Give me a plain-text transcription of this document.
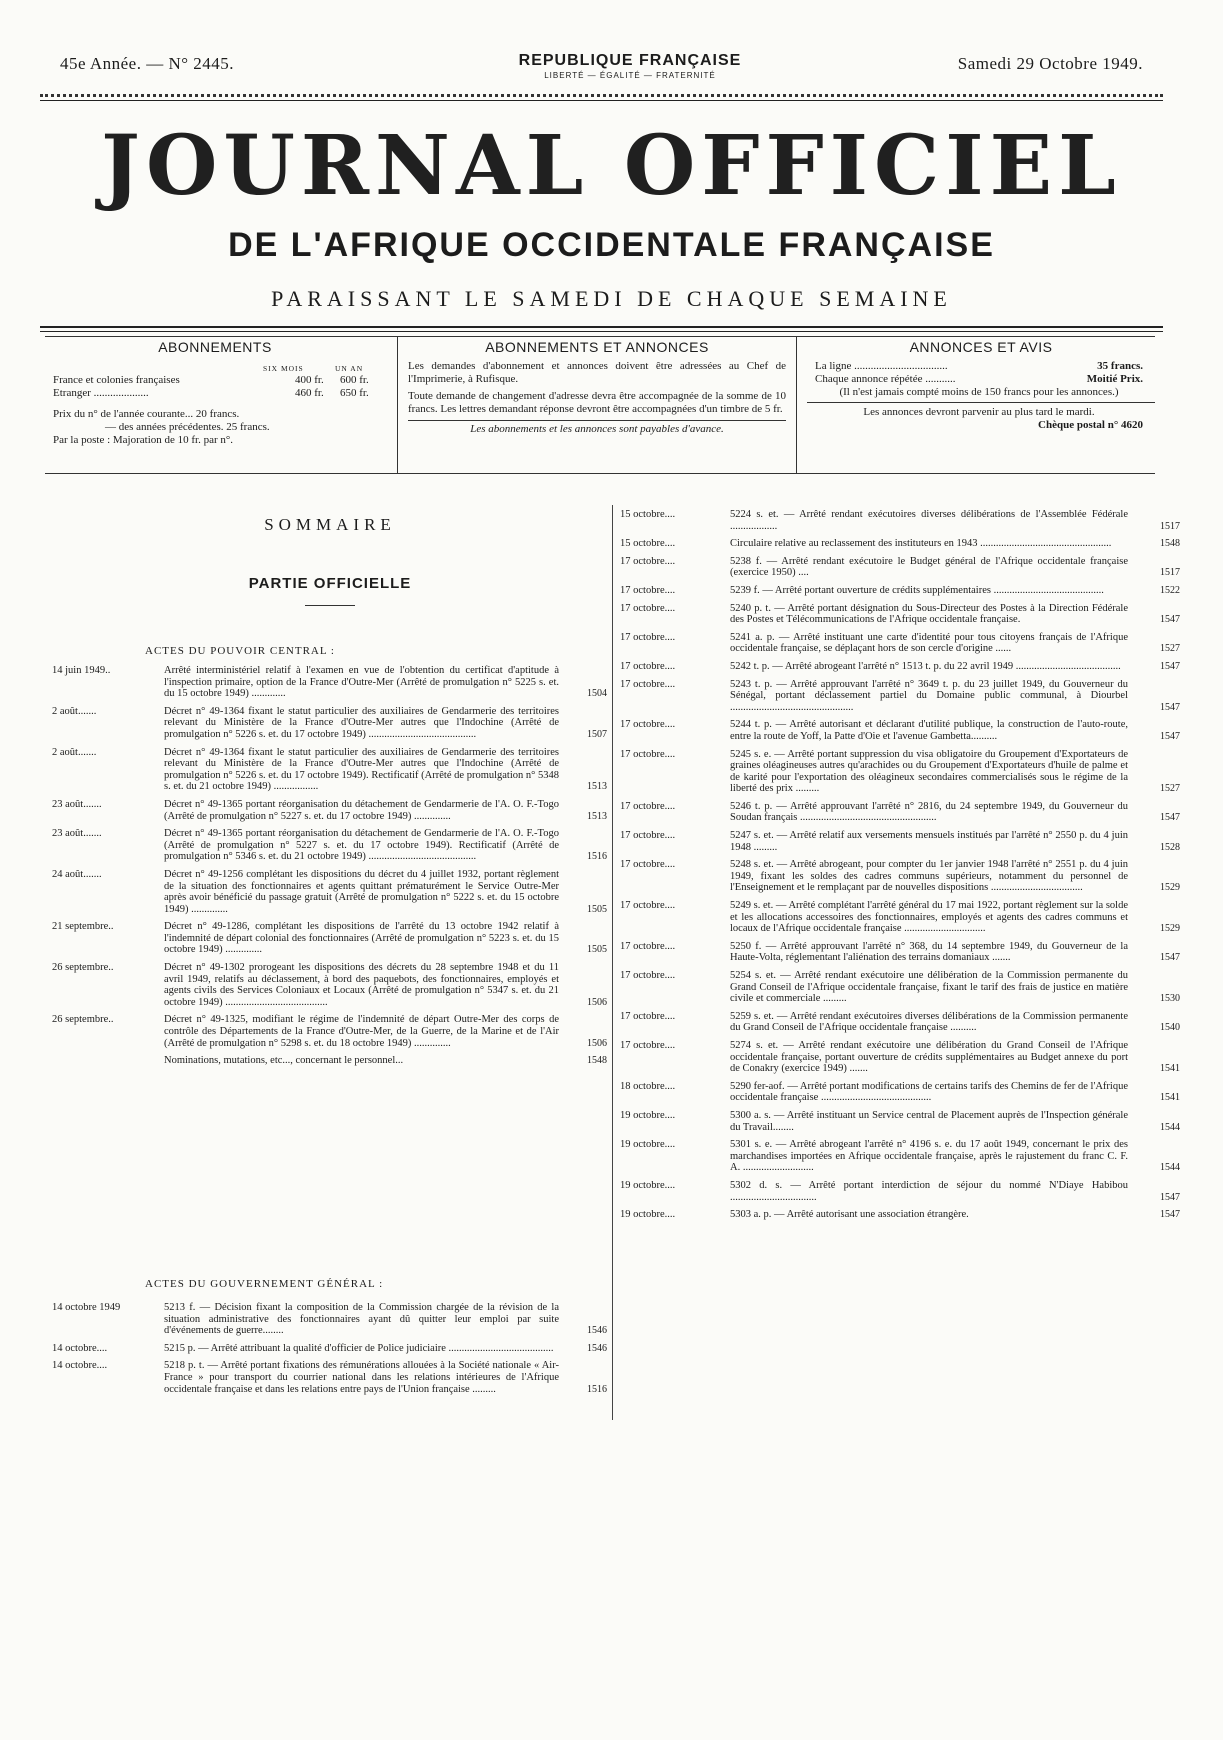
45e Année. — N° 2445.	REPUBLIQUE FRANÇAISE
LIBERTÉ — ÉGALITÉ — FRATERNITÉ
Samedi 29 Octobre 1949.
JOURNAL OFFICIEL
DE L'AFRIQUE OCCIDENTALE FRANÇAISE
PARAISSANT LE SAMEDI DE CHAQUE SEMAINE
ABONNEMENTS
SIX MOIS	UN AN
France et colonies françaises	400 fr. 600 fr.
Etranger ....................	460 fr. 650 fr.
Prix du n° de l'année courante... 20 francs.
— des années précédentes. 25 francs.
Par la poste : Majoration de 10 fr. par n°.
ABONNEMENTS ET ANNONCES

Les demandes d'abonnement et annonces doivent être adressées au Chef de l'Imprimerie, à Rufisque.

Toute demande de changement d'adresse devra être accompagnée de la somme de 10 francs. Les lettres demandant réponse devront être accompagnées d'un timbre de 5 fr.

Les abonnements et les annonces sont payables d'avance.

ANNONCES ET AVIS
La ligne ..................................	35 francs.
Chaque annonce répétée ...........	Moitié Prix.

(Il n'est jamais compté moins de 150 francs pour les annonces.)

Les annonces devront parvenir au plus tard le mardi.

Chèque postal n° 4620

SOMMAIRE
PARTIE OFFICIELLE
ACTES DU POUVOIR CENTRAL :
14 juin 1949..	Arrêté interministériel relatif à l'examen en vue de l'obtention du certificat d'aptitude à l'inspection primaire, option de la France d'Outre-Mer (Arrêté de promulgation n° 5225 s. et. du 15 octobre 1949) .............	1504
2 août.......	Décret n° 49-1364 fixant le statut particulier des auxiliaires de Gendarmerie des territoires relevant du Ministère de la France d'Outre-Mer autres que l'Indochine (Arrêté de promulgation n° 5226 s. et. du 17 octobre 1949) .........................................	1507
2 août.......	Décret n° 49-1364 fixant le statut particulier des auxiliaires de Gendarmerie des territoires relevant du Ministère de la France d'Outre-Mer autres que l'Indochine (Arrêté de promulgation n° 5226 s. et. du 17 octobre 1949). Rectificatif (Arrêté de promulgation n° 5348 s. et. du 21 octobre 1949) .................	1513
23 août.......	Décret n° 49-1365 portant réorganisation du détachement de Gendarmerie de l'A. O. F.-Togo (Arrêté de promulgation n° 5227 s. et. du 17 octobre 1949) ..............	1513
23 août.......	Décret n° 49-1365 portant réorganisation du détachement de Gendarmerie de l'A. O. F.-Togo (Arrêté de promulgation n° 5227 s. et. du 17 octobre 1949). Rectificatif (Arrêté de promulgation n° 5346 s. et. du 21 octobre 1949) .........................................	1516
24 août.......	Décret n° 49-1256 complétant les dispositions du décret du 4 juillet 1932, portant règlement de la situation des fonctionnaires et agents quittant prématurément le Service Outre-Mer après avoir bénéficié du passage gratuit (Arrêté de promulgation n° 5222 s. et. du 15 octobre 1949) ..............	1505
21 septembre..	Décret n° 49-1286, complétant les dispositions de l'arrêté du 13 octobre 1942 relatif à l'indemnité de départ colonial des fonctionnaires (Arrêté de promulgation n° 5223 s. et. du 15 octobre 1949) ..............	1505
26 septembre..	Décret n° 49-1302 prorogeant les dispositions des décrets du 28 septembre 1948 et du 11 avril 1949, relatifs au déclassement, à bord des paquebots, des fonctionnaires, employés et agents civils des Services Coloniaux et Locaux (Arrêté de promulgation n° 5347 s. et. du 21 octobre 1949) .......................................	1506
26 septembre..	Décret n° 49-1325, modifiant le régime de l'indemnité de départ Outre-Mer des corps de contrôle des Départements de la France d'Outre-Mer, de la Guerre, de la Marine et de l'Air (Arrêté de promulgation n° 5298 s. et. du 18 octobre 1949) ..............	1506
Nominations, mutations, etc..., concernant le personnel...	1548
ACTES DU GOUVERNEMENT GÉNÉRAL :
14 octobre 1949	5213 f. — Décision fixant la composition de la Commission chargée de la révision de la situation administrative des fonctionnaires ayant dû quitter leur emploi par suite d'événements de guerre........	1546
14 octobre....	5215 p. — Arrêté attribuant la qualité d'officier de Police judiciaire ........................................	1546
14 octobre....	5218 p. t. — Arrêté portant fixations des rémunérations allouées à la Société nationale « Air-France » pour transport du courrier national dans les relations intérieures de l'Afrique occidentale française et dans les relations entre pays de l'Union française .........	1516
15 octobre....	5224 s. et. — Arrêté rendant exécutoires diverses délibérations de l'Assemblée Fédérale ..................	1517
15 octobre....	Circulaire relative au reclassement des instituteurs en 1943 ..................................................	1548
17 octobre....	5238 f. — Arrêté rendant exécutoire le Budget général de l'Afrique occidentale française (exercice 1950) ....	1517
17 octobre....	5239 f. — Arrêté portant ouverture de crédits supplémentaires ..........................................	1522
17 octobre....	5240 p. t. — Arrêté portant désignation du Sous-Directeur des Postes à la Direction Fédérale des Postes et Télécommunications de l'Afrique occidentale française.	1547
17 octobre....	5241 a. p. — Arrêté instituant une carte d'identité pour tous citoyens français de l'Afrique occidentale française, se déplaçant hors de son cercle d'origine ......	1527
17 octobre....	5242 t. p. — Arrêté abrogeant l'arrêté n° 1513 t. p. du 22 avril 1949 ........................................	1547
17 octobre....	5243 t. p. — Arrêté approuvant l'arrêté n° 3649 t. p. du 23 juillet 1949, du Gouverneur du Sénégal, portant déclassement partiel du Domaine public communal, à Diourbel ...............................................	1547
17 octobre....	5244 t. p. — Arrêté autorisant et déclarant d'utilité publique, la construction de l'auto-route, entre la route de Yoff, la Patte d'Oie et l'avenue Gambetta..........	1547
17 octobre....	5245 s. e. — Arrêté portant suppression du visa obligatoire du Groupement d'Exportateurs de graines oléagineuses autres qu'arachides ou du Groupement d'Exportateurs d'huile de palme et de karité pour l'exportation des oléagineux secondaires commercialisés sous le régime de la liberté des prix .........	1527
17 octobre....	5246 t. p. — Arrêté approuvant l'arrêté n° 2816, du 24 septembre 1949, du Gouverneur du Soudan français ....................................................	1547
17 octobre....	5247 s. et. — Arrêté relatif aux versements mensuels institués par l'arrêté n° 2550 p. du 4 juin 1948 .........	1528
17 octobre....	5248 s. et. — Arrêté abrogeant, pour compter du 1er janvier 1948 l'arrêté n° 2551 p. du 4 juin 1949, fixant les soldes des cadres communs supérieurs, notamment du personnel de l'Enseignement et le remplaçant par de nouvelles dispositions ...................................	1529
17 octobre....	5249 s. et. — Arrêté complétant l'arrêté général du 17 mai 1922, portant règlement sur la solde et les allocations accessoires des fonctionnaires, employés et agents des cadres communs et locaux de l'Afrique occidentale française ...............................	1529
17 octobre....	5250 f. — Arrêté approuvant l'arrêté n° 368, du 14 septembre 1949, du Gouverneur de la Haute-Volta, réglementant l'aliénation des terrains domaniaux .......	1547
17 octobre....	5254 s. et. — Arrêté rendant exécutoire une délibération de la Commission permanente du Grand Conseil de l'Afrique occidentale française, fixant le tarif des frais de justice en matière civile et commerciale .........	1530
17 octobre....	5259 s. et. — Arrêté rendant exécutoires diverses délibérations de la Commission permanente du Grand Conseil de l'Afrique occidentale française ..........	1540
17 octobre....	5274 s. et. — Arrêté rendant exécutoire une délibération du Grand Conseil de l'Afrique occidentale française, portant ouverture de crédits supplémentaires au Budget annexe du port de Conakry (exercice 1949) .......	1541
18 octobre....	5290 fer-aof. — Arrêté portant modifications de certains tarifs des Chemins de fer de l'Afrique occidentale française ..........................................	1541
19 octobre....	5300 a. s. — Arrêté instituant un Service central de Placement auprès de l'Inspection générale du Travail........	1544
19 octobre....	5301 s. e. — Arrêté abrogeant l'arrêté n° 4196 s. e. du 17 août 1949, concernant le prix des marchandises importées en Afrique occidentale française, après le rajustement du franc C. F. A. ...........................	1544
19 octobre....	5302 d. s. — Arrêté portant interdiction de séjour du nommé N'Diaye Habibou .................................	1547
19 octobre....	5303 a. p. — Arrêté autorisant une association étrangère.	1547
